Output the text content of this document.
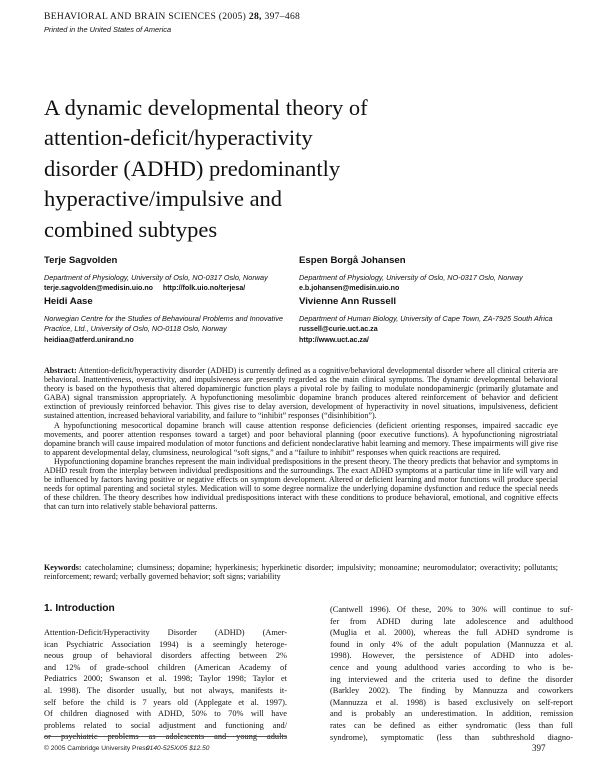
BEHAVIORAL AND BRAIN SCIENCES (2005) 28, 397–468
Printed in the United States of America
A dynamic developmental theory of
attention-deficit/hyperactivity
disorder (ADHD) predominantly
hyperactive/impulsive and
combined subtypes
Terje Sagvolden
Department of Physiology, University of Oslo, NO-0317 Oslo, Norway
terje.sagvolden@medisin.uio.no     http://folk.uio.no/terjesa/
Espen Borgå Johansen
Department of Physiology, University of Oslo, NO-0317 Oslo, Norway
e.b.johansen@medisin.uio.no
Heidi Aase
Norwegian Centre for the Studies of Behavioural Problems and Innovative
Practice, Ltd., University of Oslo, NO-0118 Oslo, Norway
heidiaa@atferd.unirand.no
Vivienne Ann Russell
Department of Human Biology, University of Cape Town, ZA-7925 South Africa
russell@curie.uct.ac.za
http://www.uct.ac.za/

Abstract: Attention-deficit/hyperactivity disorder (ADHD) is currently defined as a cognitive/behavioral developmental disorder where all clinical criteria are behavioral. Inattentiveness, overactivity, and impulsiveness are presently regarded as the main clinical symptoms. The dynamic developmental behavioral theory is based on the hypothesis that altered dopaminergic function plays a pivotal role by failing to modulate nondopaminergic (primarily glutamate and GABA) signal transmission appropriately. A hypofunctioning mesolimbic dopamine branch produces altered reinforcement of behavior and deficient extinction of previously reinforced behavior. This gives rise to delay aversion, development of hyperactivity in novel situations, impulsiveness, deficient sustained attention, increased behavioral variability, and failure to “inhibit” responses (“disinhibition”).

A hypofunctioning mesocortical dopamine branch will cause attention response deficiencies (deficient orienting responses, impaired saccadic eye movements, and poorer attention responses toward a target) and poor behavioral planning (poor executive functions). A hypofunctioning nigrostriatal dopamine branch will cause impaired modulation of motor functions and deficient nondeclarative habit learning and memory. These impairments will give rise to apparent developmental delay, clumsiness, neurological “soft signs,” and a “failure to inhibit” responses when quick reactions are required.

Hypofunctioning dopamine branches represent the main individual predispositions in the present theory. The theory predicts that behavior and symptoms in ADHD result from the interplay between individual predispositions and the surroundings. The exact ADHD symptoms at a particular time in life will vary and be influenced by factors having positive or negative effects on symptom development. Altered or deficient learning and motor functions will produce special needs for optimal parenting and societal styles. Medication will to some degree normalize the underlying dopamine dysfunction and reduce the special needs of these children. The theory describes how individual predispositions interact with these conditions to produce behavioral, emotional, and cognitive effects that can turn into relatively stable behavioral patterns.

Keywords: catecholamine; clumsiness; dopamine; hyperkinesis; hyperkinetic disorder; impulsivity; monoamine; neuromodulator; overactivity; pollutants; reinforcement; reward; verbally governed behavior; soft signs; variability
1. Introduction
Attention-Deficit/Hyperactivity Disorder (ADHD) (Amer-
ican Psychiatric Association 1994) is a seemingly heteroge-
neous group of behavioral disorders affecting between 2%
and 12% of grade-school children (American Academy of
Pediatrics 2000; Swanson et al. 1998; Taylor 1998; Taylor et
al. 1998). The disorder usually, but not always, manifests it-
self before the child is 7 years old (Applegate et al. 1997).
Of children diagnosed with ADHD, 50% to 70% will have
problems related to social adjustment and functioning and/
or psychiatric problems as adolescents and young adults
(Cantwell 1996). Of these, 20% to 30% will continue to suf-
fer from ADHD during late adolescence and adulthood
(Muglia et al. 2000), whereas the full ADHD syndrome is
found in only 4% of the adult population (Mannuzza et al.
1998). However, the persistence of ADHD into adoles-
cence and young adulthood varies according to who is be-
ing interviewed and the criteria used to define the disorder
(Barkley 2002). The finding by Mannuzza and coworkers
(Mannuzza et al. 1998) is based exclusively on self-report
and is probably an underestimation. In addition, remission
rates can be defined as either syndromatic (less than full
syndrome), symptomatic (less than subthreshold diagno-
© 2005 Cambridge University Press
0140-525X/05 $12.50	397
